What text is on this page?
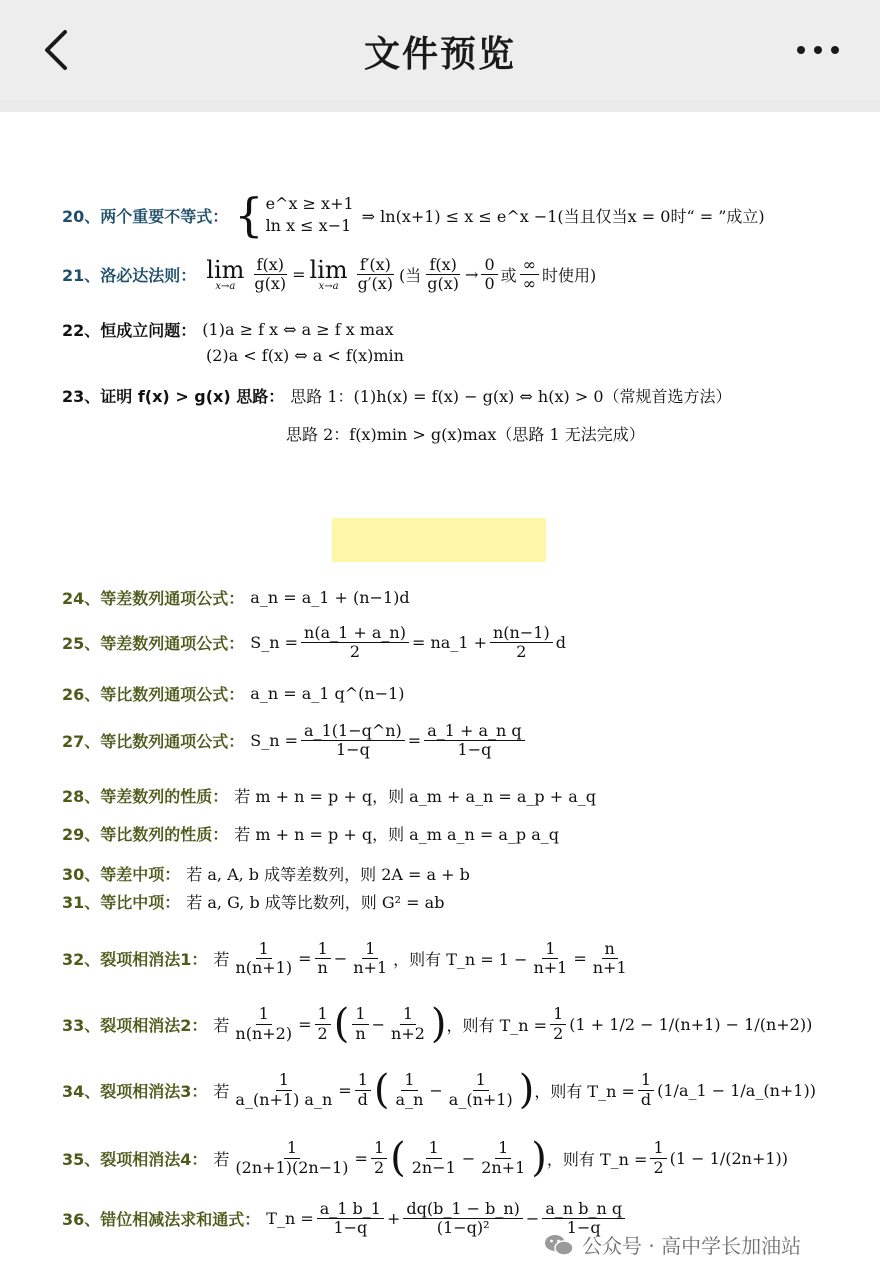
文件预览
20、两个重要不等式： { e^x ≥ x+1
ln x ≤ x−1 ⇒ ln(x+1) ≤ x ≤ e^x −1(当且仅当x = 0时“ = ”成立)
21、洛必达法则： lim
$x\to a \frac{f(x)}{g(x)} = \lim$
$x\to a \frac{f'(x)}{g'(x)}$ (当 $\frac{f(x)}{g(x)} \to \frac{0}{0}$ 或 $\frac{\infty}{\infty}$ 时使用)
22、恒成立问题： (1)a ≥ f x ⇔ a ≥ f x max
(2)a < f(x) ⇔ a < f(x)min
23、证明 f(x) > g(x) 思路： 思路 1：(1)h(x) = f(x) − g(x) ⇔ h(x) > 0（常规首选方法）
思路 2：f(x)min > g(x)max（思路 1 无法完成）
24、等差数列通项公式： a_n = a_1 + (n−1)d
25、等差数列通项公式： S_n = $\frac{n(a\_1 + a\_n)}{2}$ = na_1 + $\frac{n(n-1)}{2}$ d
26、等比数列通项公式： a_n = a_1 q^(n−1)
27、等比数列通项公式： S_n = $\frac{a\_1(1-q\^{}n)}{1-q} = \frac{\text{a\_1 + a\_n q}}{1-q}$
28、等差数列的性质： 若 m + n = p + q，则 a_m + a_n = a_p + a_q
29、等比数列的性质： 若 m + n = p + q，则 a_m a_n = a_p a_q
30、等差中项： 若 a, A, b 成等差数列，则 2A = a + b
31、等比中项： 若 a, G, b 成等比数列，则 G² = ab
32、裂项相消法1： 若 $\frac{1}{n(n+1)} = \frac{1}{n} - \frac{1}{n+1}$ ，则有 T_n = $1 - \frac{1}{n+1} = \frac{n}{n+1}$
33、裂项相消法2： 若 $\frac{1}{n(n+2)} = \frac{1}{2}$ ( $\frac{1}{n} - \frac{1}{n+2}$ ) ，则有 T_n = $\frac{1}{2} (1 + 1/2 - 1/(n+1) - 1/(n+2))$
34、裂项相消法3： 若 $\frac{1}{a\_(n+1) a\_n} = \frac{1}{d}$ ( $\frac{1}{a\_n} - \frac{1}{a\_(n+1)}$ ) ，则有 T_n = $\frac{1}{d}$ (1/a_1 − 1/a_(n+1))
35、裂项相消法4： 若 $\frac{1}{(2n+1)(2n-1)} = \frac{1}{2}$ ( $\frac{1}{2n-1} - \frac{1}{2n+1}$ ) ，则有 T_n = $\frac{1}{2} (1 - 1/(2n+1))$
36、错位相减法求和通式： T_n = $\frac{a\_1 b\_1}{1-q} + \frac{dq(b\_1 - b\_n)}{\text{(1−q)²}} - \frac{\text{a\_n b\_n q}}{1-q}$
公众号 · 高中学长加油站
